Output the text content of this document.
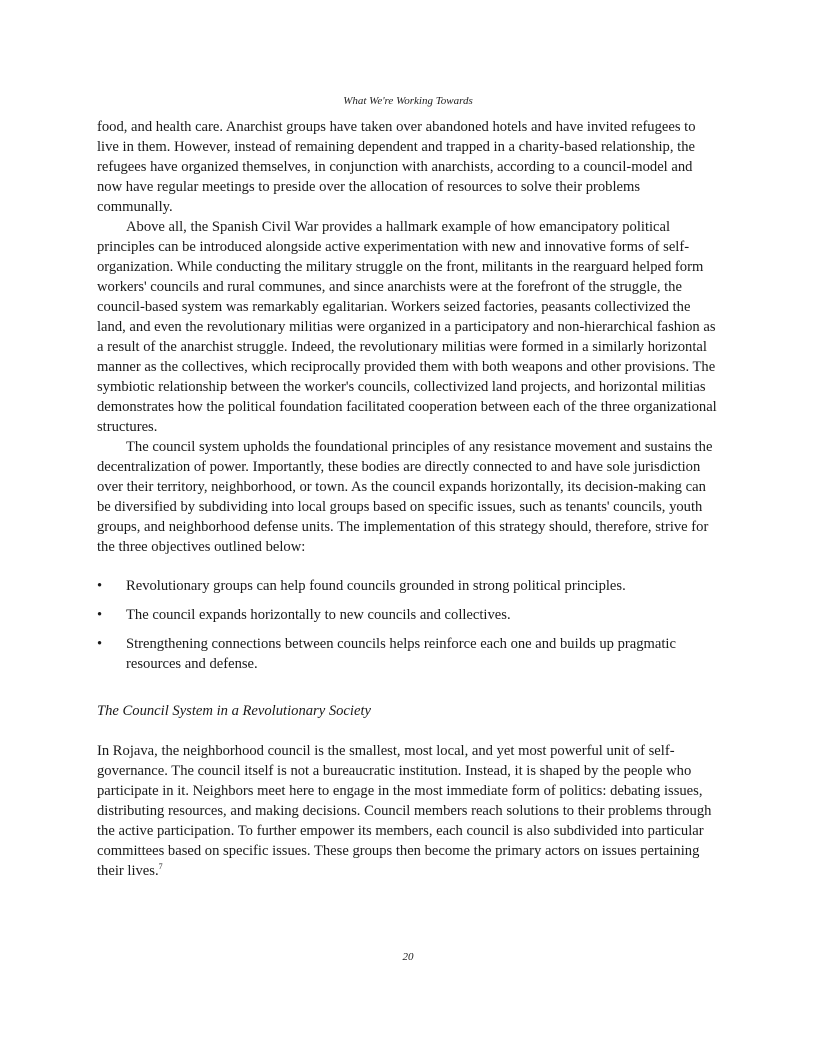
What We're Working Towards

food, and health care. Anarchist groups have taken over abandoned hotels and have invited refugees to live in them. However, instead of remaining dependent and trapped in a charity-based relationship, the refugees have organized themselves, in conjunction with anarchists, according to a council-model and now have regular meetings to preside over the allocation of resources to solve their problems communally.

Above all, the Spanish Civil War provides a hallmark example of how emancipatory political principles can be introduced alongside active experimentation with new and innovative forms of self-organization. While conducting the military struggle on the front, militants in the rearguard helped form workers' councils and rural communes, and since anarchists were at the forefront of the struggle, the council-based system was remarkably egalitarian. Workers seized factories, peasants collectivized the land, and even the revolutionary militias were organized in a participatory and non-hierarchical fashion as a result of the anarchist struggle. Indeed, the revolutionary militias were formed in a similarly horizontal manner as the collectives, which reciprocally provided them with both weapons and other provisions. The symbiotic relationship between the worker's councils, collectivized land projects, and horizontal militias demonstrates how the political foundation facilitated cooperation between each of the three organizational structures.

The council system upholds the foundational principles of any resistance movement and sustains the decentralization of power. Importantly, these bodies are directly connected to and have sole jurisdiction over their territory, neighborhood, or town. As the council expands horizontally, its decision-making can be diversified by subdividing into local groups based on specific issues, such as tenants' councils, youth groups, and neighborhood defense units. The implementation of this strategy should, therefore, strive for the three objectives outlined below:

• Revolutionary groups can help found councils grounded in strong political principles.
• The council expands horizontally to new councils and collectives.
• Strengthening connections between councils helps reinforce each one and builds up pragmatic resources and defense.
The Council System in a Revolutionary Society

In Rojava, the neighborhood council is the smallest, most local, and yet most powerful unit of self-governance. The council itself is not a bureaucratic institution. Instead, it is shaped by the people who participate in it. Neighbors meet here to engage in the most immediate form of politics: debating issues, distributing resources, and making decisions. Council members reach solutions to their problems through the active participation. To further empower its members, each council is also subdivided into particular committees based on specific issues. These groups then become the primary actors on issues pertaining their lives.$^7$

20
